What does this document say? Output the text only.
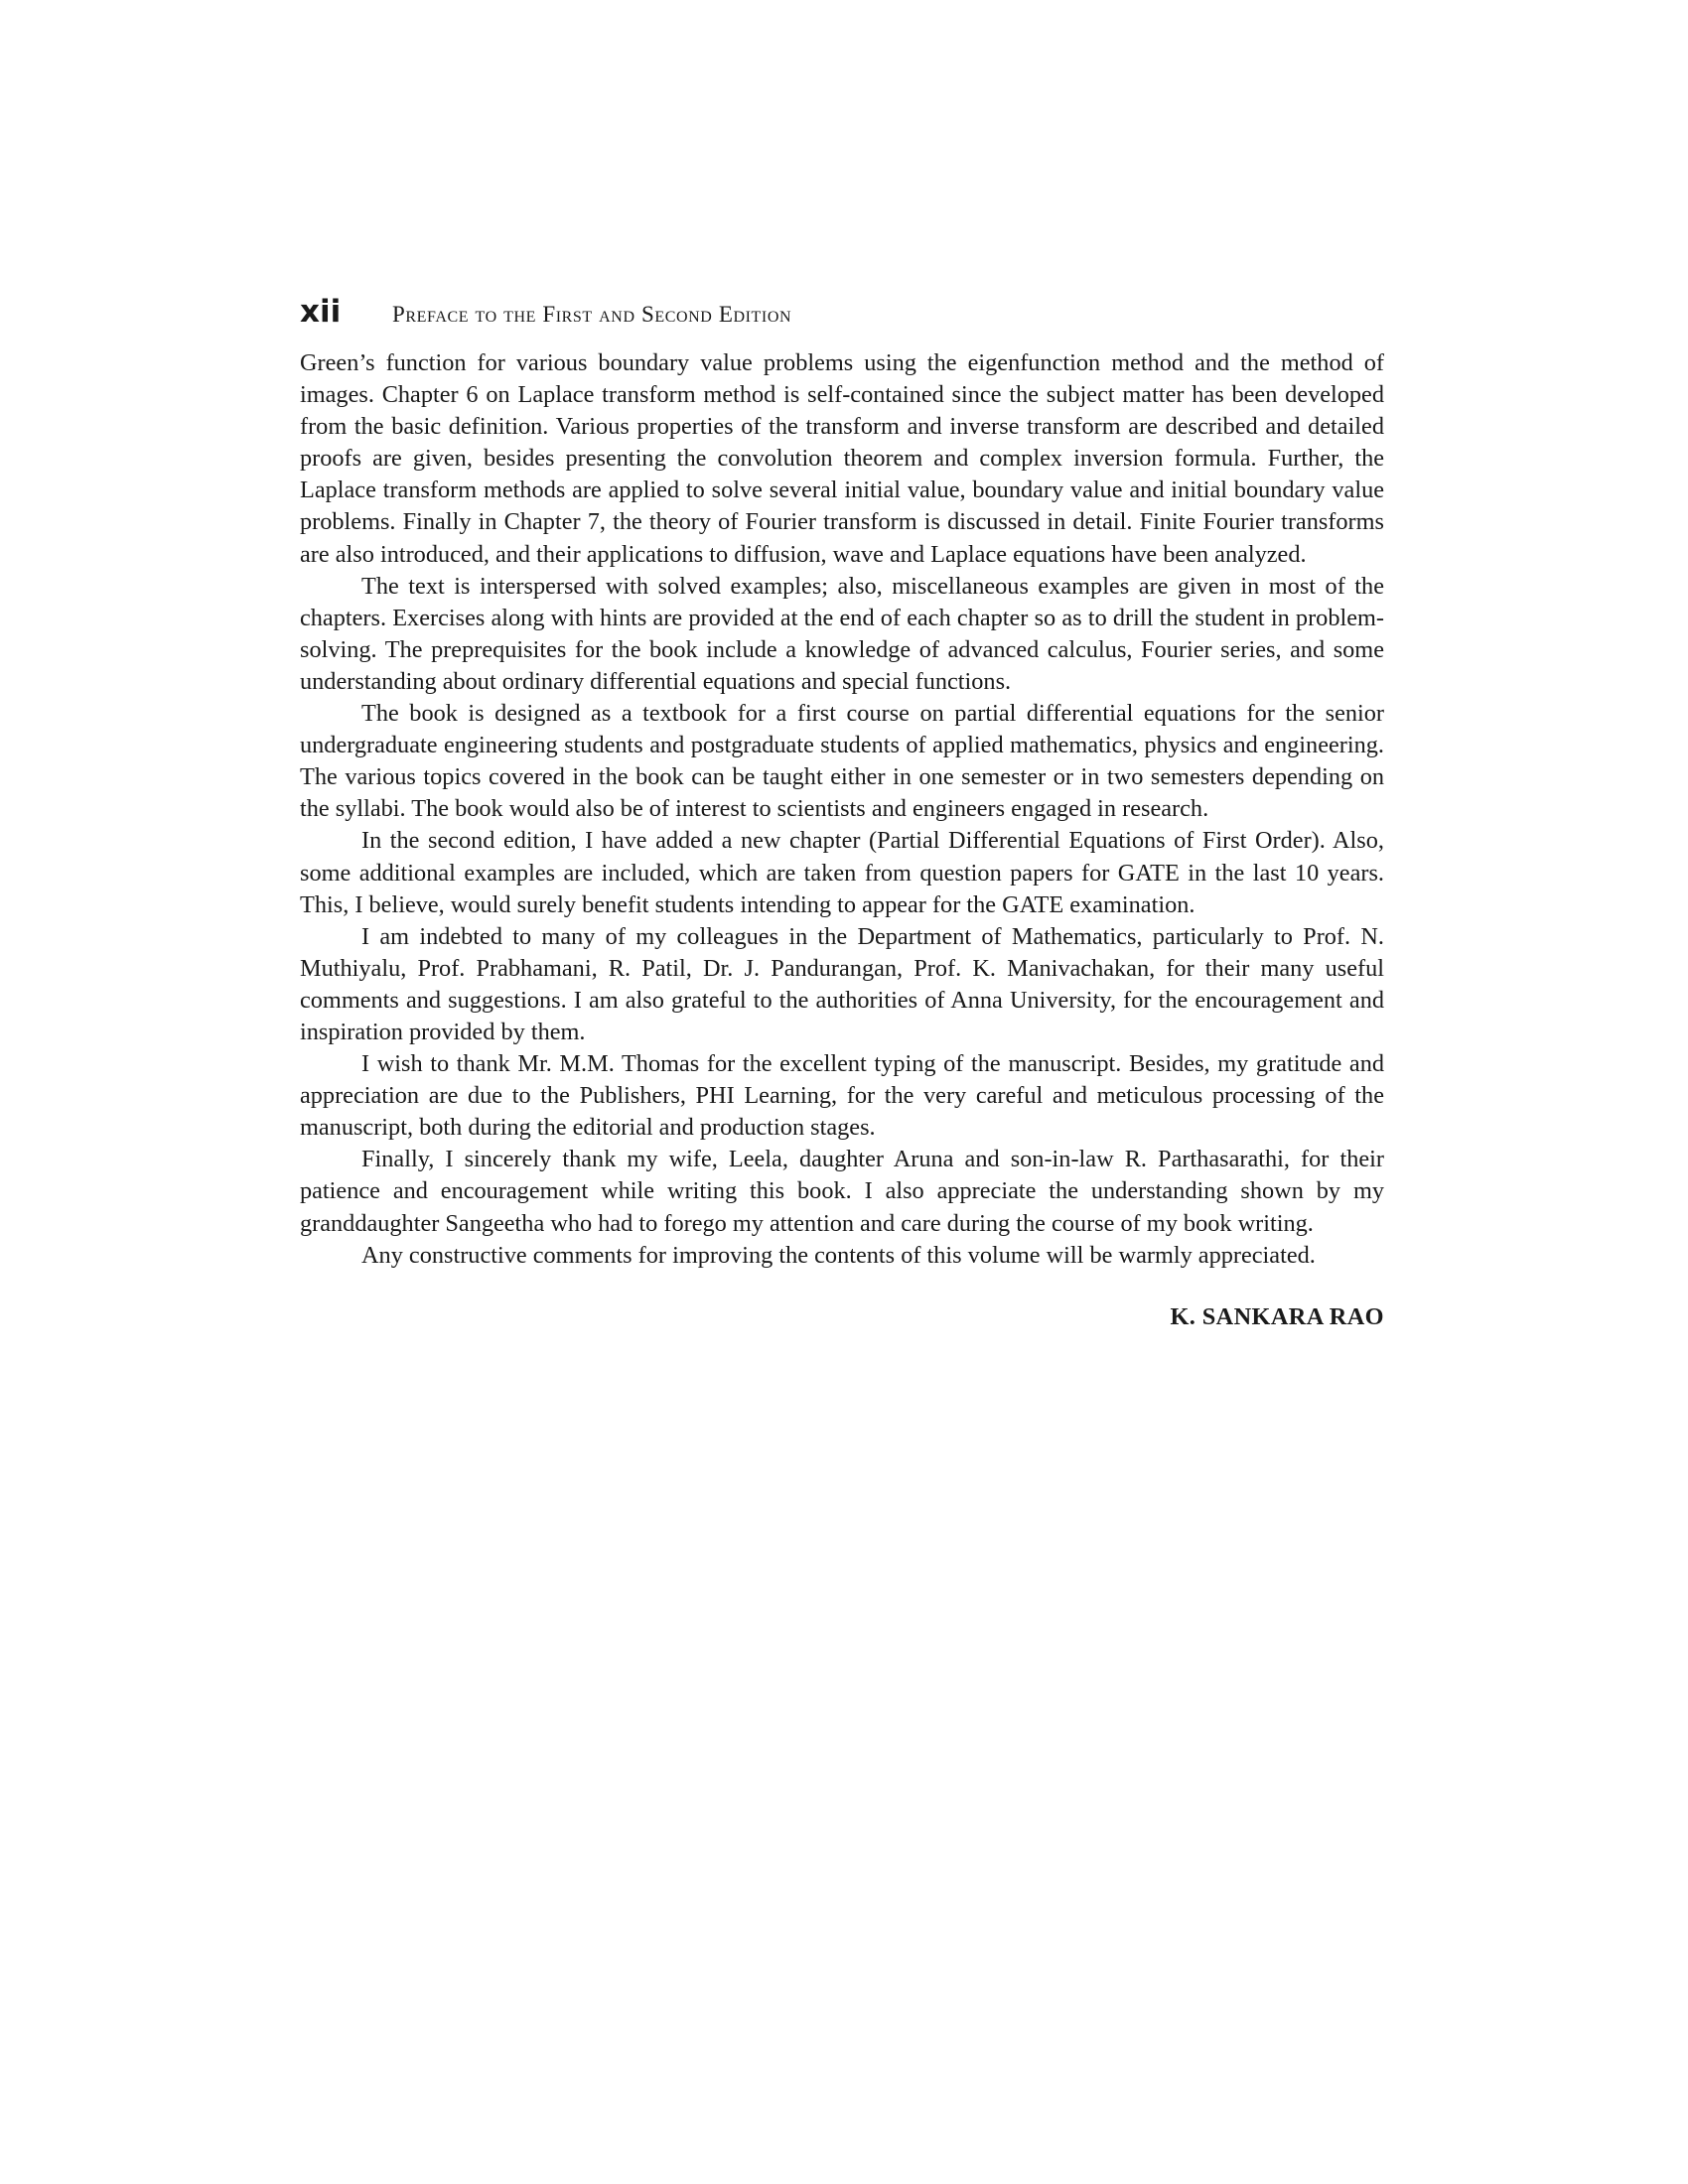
xii	Preface to the First and Second Edition

Green’s function for various boundary value problems using the eigenfunction method and the method of images. Chapter 6 on Laplace transform method is self-contained since the subject matter has been developed from the basic definition. Various properties of the transform and inverse transform are described and detailed proofs are given, besides presenting the convolution theorem and complex inversion formula. Further, the Laplace transform methods are applied to solve several initial value, boundary value and initial boundary value problems. Finally in Chapter 7, the theory of Fourier transform is discussed in detail. Finite Fourier transforms are also introduced, and their applications to diffusion, wave and Laplace equations have been analyzed.

The text is interspersed with solved examples; also, miscellaneous examples are given in most of the chapters. Exercises along with hints are provided at the end of each chapter so as to drill the student in problem-solving. The preprequisites for the book include a knowledge of advanced calculus, Fourier series, and some understanding about ordinary differential equations and special functions.

The book is designed as a textbook for a first course on partial differential equations for the senior undergraduate engineering students and postgraduate students of applied mathematics, physics and engineering. The various topics covered in the book can be taught either in one semester or in two semesters depending on the syllabi. The book would also be of interest to scientists and engineers engaged in research.

In the second edition, I have added a new chapter (Partial Differential Equations of First Order). Also, some additional examples are included, which are taken from question papers for GATE in the last 10 years. This, I believe, would surely benefit students intending to appear for the GATE examination.

I am indebted to many of my colleagues in the Department of Mathematics, particularly to Prof. N. Muthiyalu, Prof. Prabhamani, R. Patil, Dr. J. Pandurangan, Prof. K. Manivachakan, for their many useful comments and suggestions. I am also grateful to the authorities of Anna University, for the encouragement and inspiration provided by them.

I wish to thank Mr. M.M. Thomas for the excellent typing of the manuscript. Besides, my gratitude and appreciation are due to the Publishers, PHI Learning, for the very careful and meticulous processing of the manuscript, both during the editorial and production stages.

Finally, I sincerely thank my wife, Leela, daughter Aruna and son-in-law R. Parthasarathi, for their patience and encouragement while writing this book. I also appreciate the understanding shown by my granddaughter Sangeetha who had to forego my attention and care during the course of my book writing.

Any constructive comments for improving the contents of this volume will be warmly appreciated.

K. SANKARA RAO
